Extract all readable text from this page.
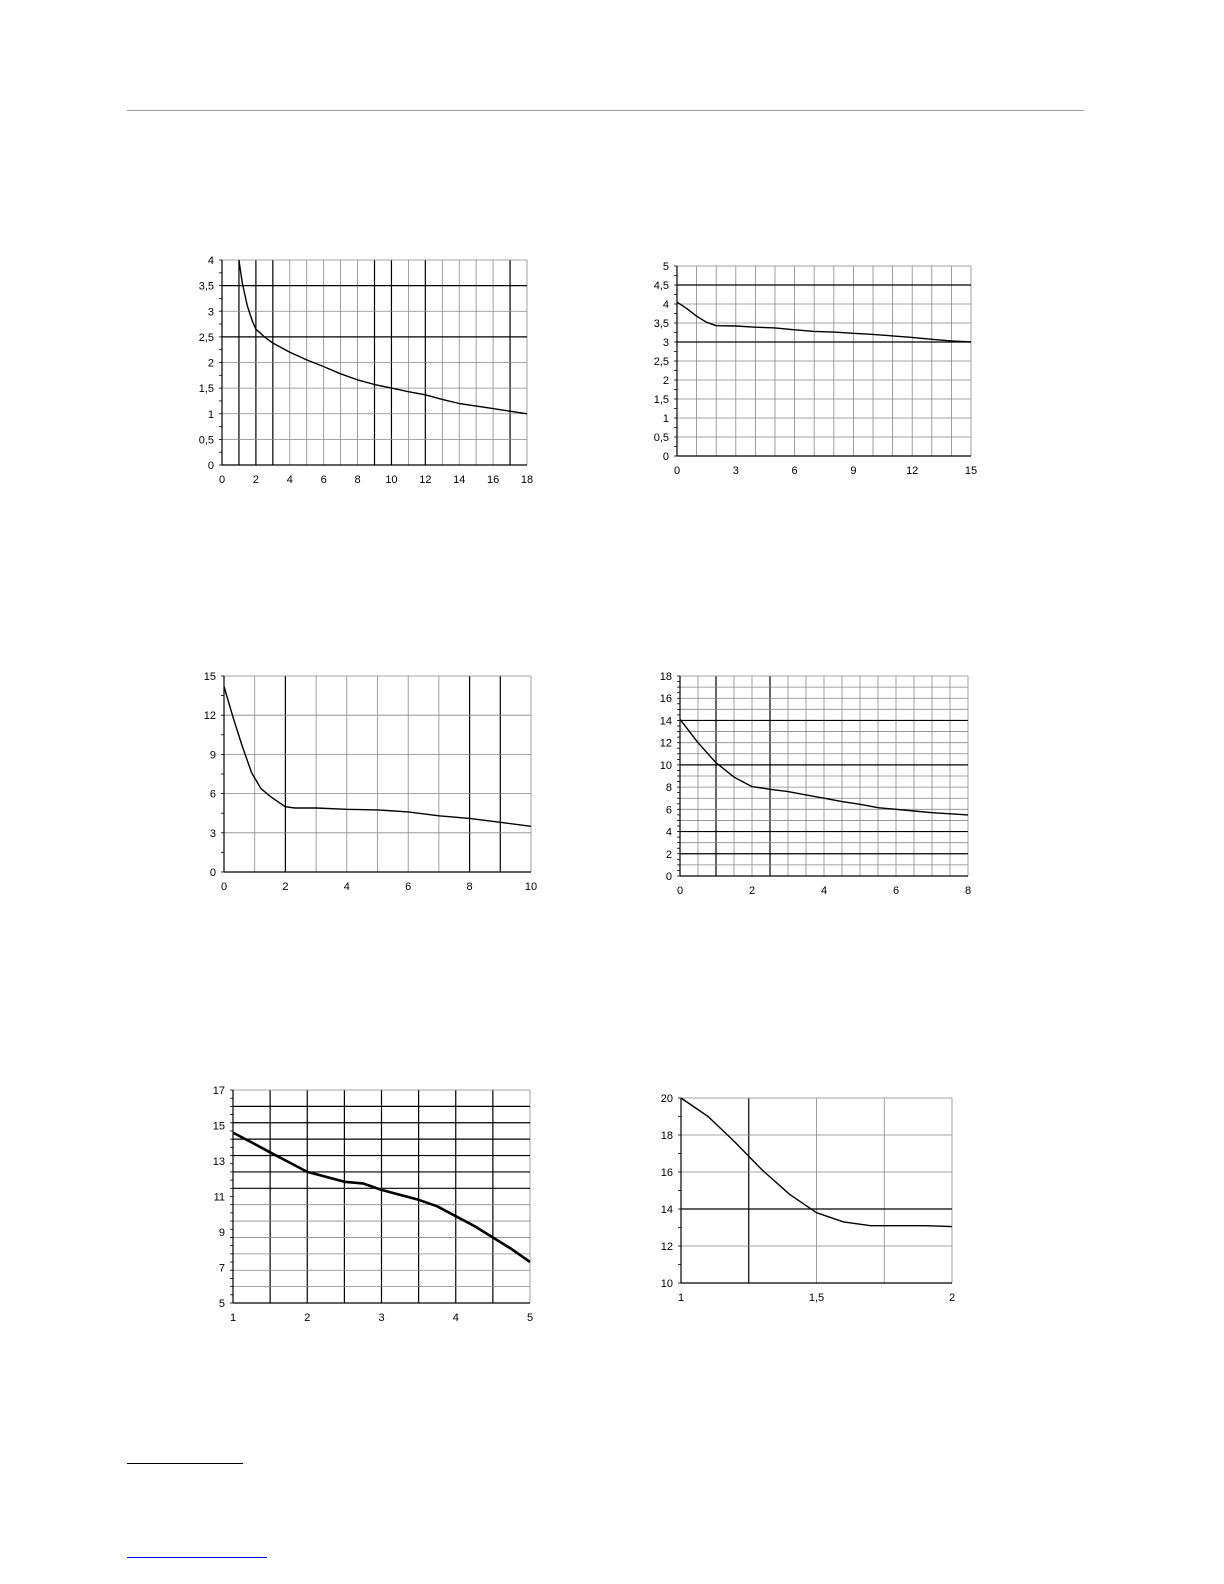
0	2	4	6	8 10 12 14 16 18
0
0,5
1
1,5
2
2,5
3
3,5
4
0	3	6	9	12	15
0
0,5
1
1,5
2
2,5
3
3,5
4
4,5
5
0	2	4	6	8	10
0
3
6
9
12
15
0	2	4	6	8
0
2
4
6
8
10
12
14
16
18
1	2	3	4	5
5
7
9
11
13
15
17
1	1,5	2
10
12
14
16
18
20
